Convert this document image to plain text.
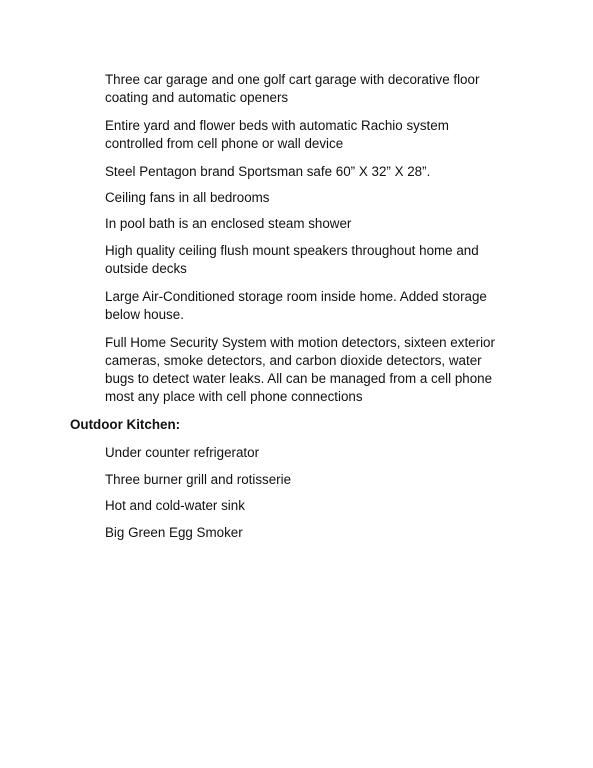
Three car garage and one golf cart garage with decorative floor
coating and automatic openers

Entire yard and flower beds with automatic Rachio system
controlled from cell phone or wall device

Steel Pentagon brand Sportsman safe 60” X 32” X 28”.

Ceiling fans in all bedrooms

In pool bath is an enclosed steam shower

High quality ceiling flush mount speakers throughout home and
outside decks

Large Air-Conditioned storage room inside home. Added storage
below house.

Full Home Security System with motion detectors, sixteen exterior
cameras, smoke detectors, and carbon dioxide detectors, water
bugs to detect water leaks. All can be managed from a cell phone
most any place with cell phone connections

Outdoor Kitchen:

Under counter refrigerator

Three burner grill and rotisserie

Hot and cold-water sink

Big Green Egg Smoker
